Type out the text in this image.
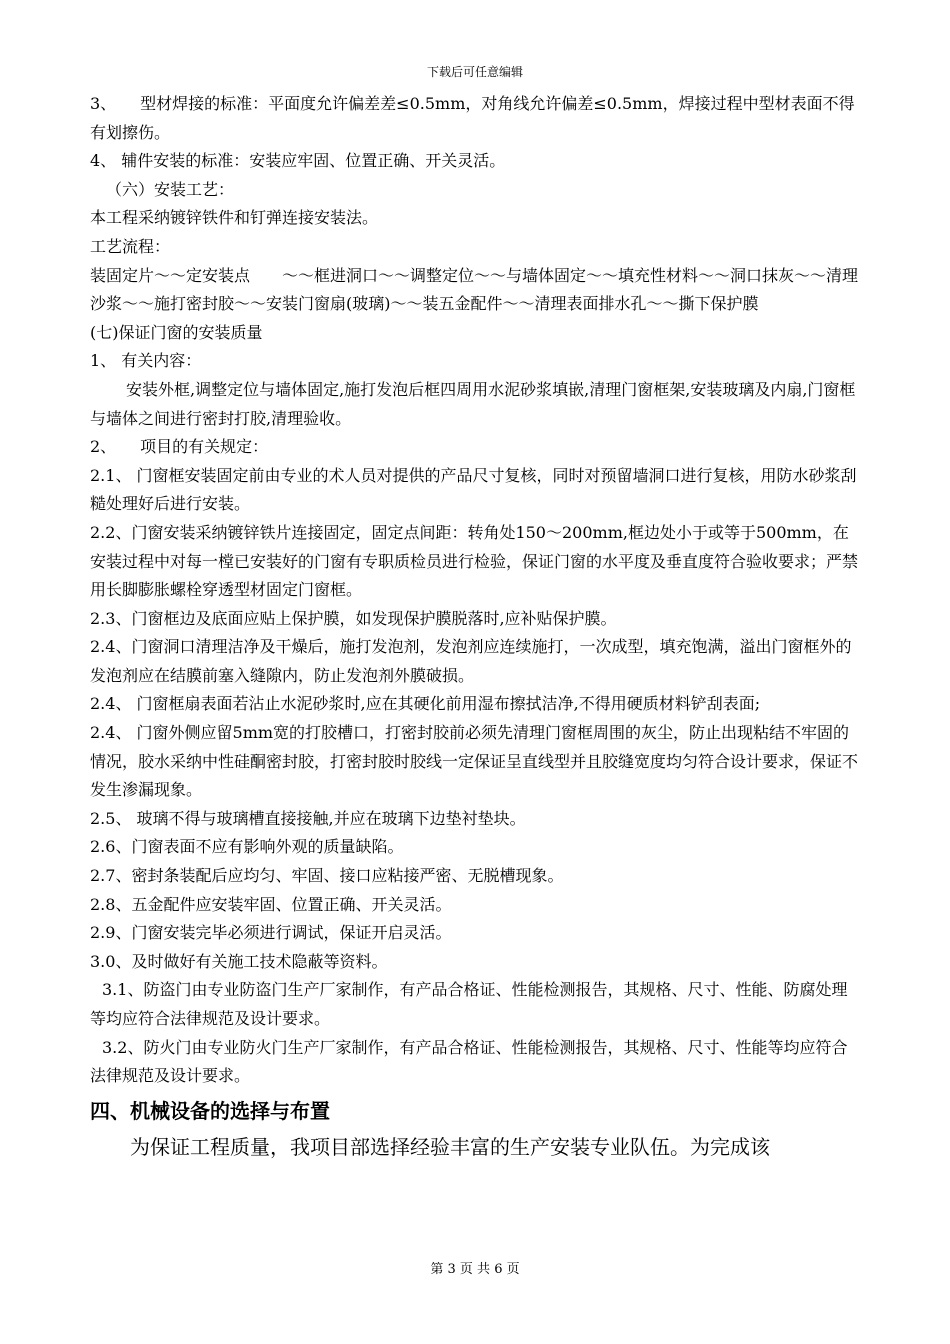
下载后可任意编辑

3、　　型材焊接的标准：平面度允许偏差差≤0.5mm，对角线允许偏差≤0.5mm，焊接过程中型材表面不得有划擦伤。

4、 辅件安装的标准：安装应牢固、位置正确、开关灵活。

（六）安装工艺：

本工程采纳镀锌铁件和钉弹连接安装法。

工艺流程：

装固定片～～定安装点　　～～框进洞口～～调整定位～～与墙体固定～～填充性材料～～洞口抹灰～～清理沙浆～～施打密封胶～～安装门窗扇(玻璃)～～装五金配件～～清理表面排水孔～～撕下保护膜

(七)保证门窗的安装质量

1、 有关内容：

安装外框,调整定位与墙体固定,施打发泡后框四周用水泥砂浆填嵌,清理门窗框架,安装玻璃及内扇,门窗框与墙体之间进行密封打胶,清理验收。

2、　　项目的有关规定：

2.1、 门窗框安装固定前由专业的术人员对提供的产品尺寸复核，同时对预留墙洞口进行复核，用防水砂浆刮糙处理好后进行安装。

2.2、门窗安装采纳镀锌铁片连接固定，固定点间距：转角处150～200mm,框边处小于或等于500mm，在安装过程中对每一樘已安装好的门窗有专职质检员进行检验，保证门窗的水平度及垂直度符合验收要求；严禁用长脚膨胀螺栓穿透型材固定门窗框。

2.3、门窗框边及底面应贴上保护膜，如发现保护膜脱落时,应补贴保护膜。

2.4、门窗洞口清理洁净及干燥后，施打发泡剂，发泡剂应连续施打，一次成型，填充饱满，溢出门窗框外的发泡剂应在结膜前塞入缝隙内，防止发泡剂外膜破损。

2.4、 门窗框扇表面若沾止水泥砂浆时,应在其硬化前用湿布擦拭洁净,不得用硬质材料铲刮表面;

2.4、 门窗外侧应留5mm宽的打胶槽口，打密封胶前必须先清理门窗框周围的灰尘，防止出现粘结不牢固的情况，胶水采纳中性硅酮密封胶，打密封胶时胶线一定保证呈直线型并且胶缝宽度均匀符合设计要求，保证不发生渗漏现象。

2.5、 玻璃不得与玻璃槽直接接触,并应在玻璃下边垫衬垫块。

2.6、门窗表面不应有影响外观的质量缺陷。

2.7、密封条装配后应均匀、牢固、接口应粘接严密、无脱槽现象。

2.8、五金配件应安装牢固、位置正确、开关灵活。

2.9、门窗安装完毕必须进行调试，保证开启灵活。

3.0、及时做好有关施工技术隐蔽等资料。

3.1、防盗门由专业防盗门生产厂家制作，有产品合格证、性能检测报告，其规格、尺寸、性能、防腐处理等均应符合法律规范及设计要求。

3.2、防火门由专业防火门生产厂家制作，有产品合格证、性能检测报告，其规格、尺寸、性能等均应符合法律规范及设计要求。

四、机械设备的选择与布置

为保证工程质量，我项目部选择经验丰富的生产安装专业队伍。为完成该

第 3 页 共 6 页
